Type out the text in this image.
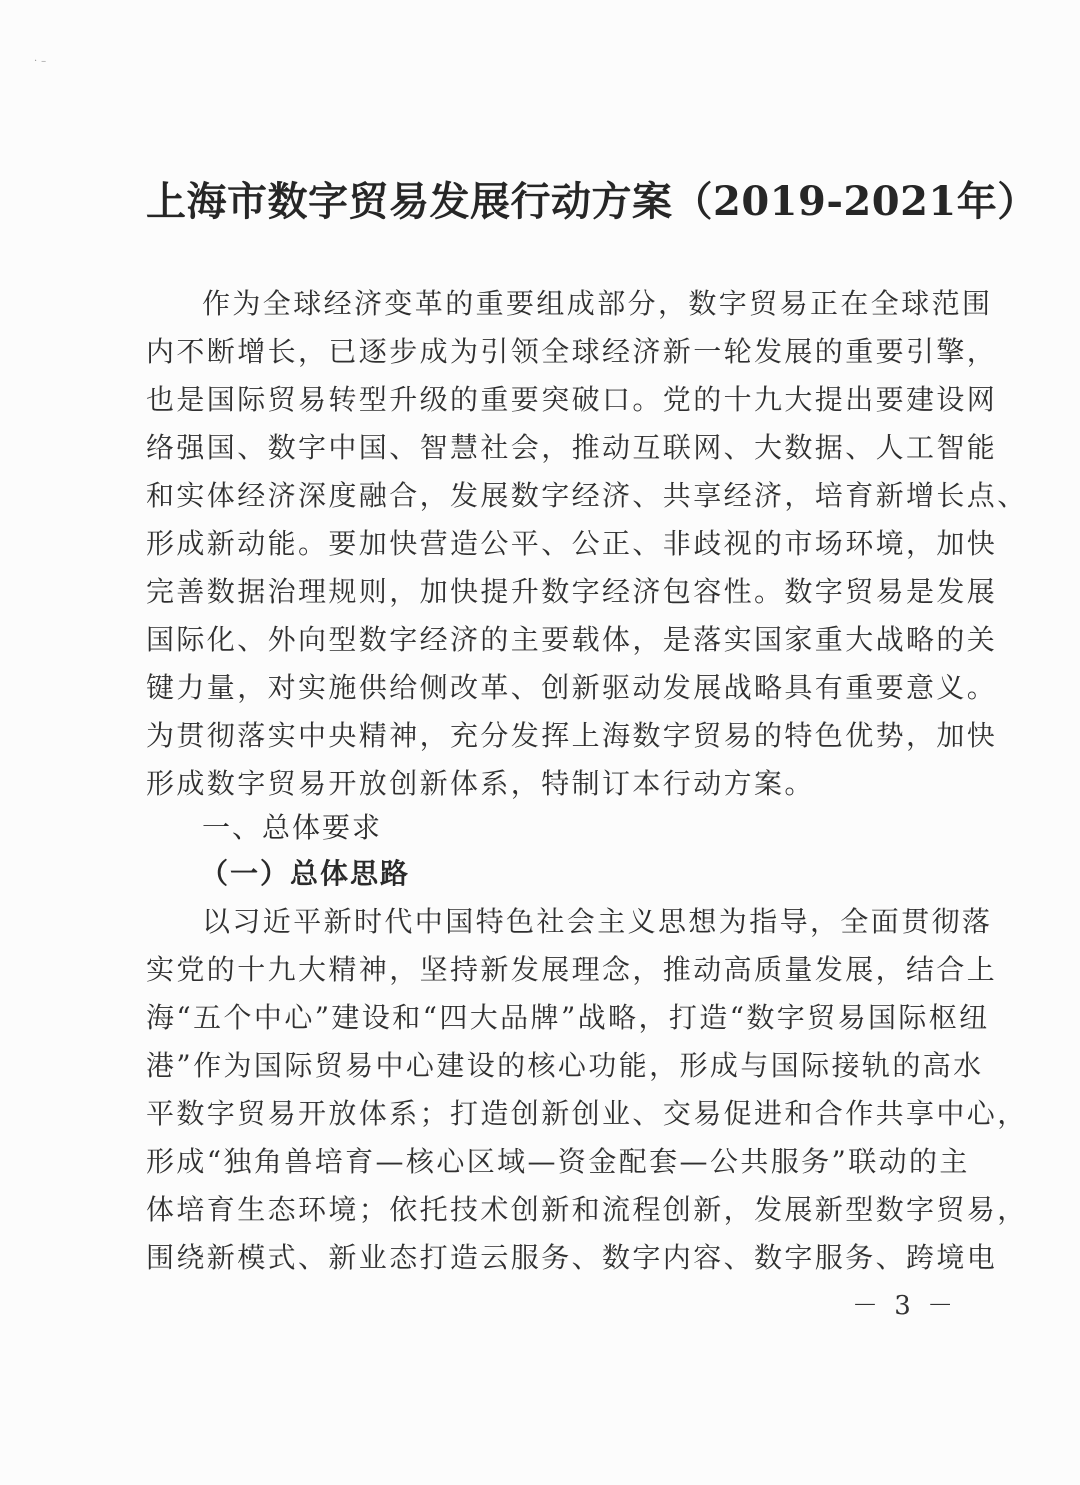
·–
上海市数字贸易发展行动方案（2019-2021年）
作为全球经济变革的重要组成部分，数字贸易正在全球范围
内不断增长，已逐步成为引领全球经济新一轮发展的重要引擎，
也是国际贸易转型升级的重要突破口。党的十九大提出要建设网
络强国、数字中国、智慧社会，推动互联网、大数据、人工智能
和实体经济深度融合，发展数字经济、共享经济，培育新增长点、
形成新动能。要加快营造公平、公正、非歧视的市场环境，加快
完善数据治理规则，加快提升数字经济包容性。数字贸易是发展
国际化、外向型数字经济的主要载体，是落实国家重大战略的关
键力量，对实施供给侧改革、创新驱动发展战略具有重要意义。
为贯彻落实中央精神，充分发挥上海数字贸易的特色优势，加快
形成数字贸易开放创新体系，特制订本行动方案。
一、总体要求
（一）总体思路
以习近平新时代中国特色社会主义思想为指导，全面贯彻落
实党的十九大精神，坚持新发展理念，推动高质量发展，结合上
海“五个中心”建设和“四大品牌”战略，打造“数字贸易国际枢纽
港”作为国际贸易中心建设的核心功能，形成与国际接轨的高水
平数字贸易开放体系；打造创新创业、交易促进和合作共享中心，
形成“独角兽培育—核心区域—资金配套—公共服务”联动的主
体培育生态环境；依托技术创新和流程创新，发展新型数字贸易，
围绕新模式、新业态打造云服务、数字内容、数字服务、跨境电
－ 3 －
